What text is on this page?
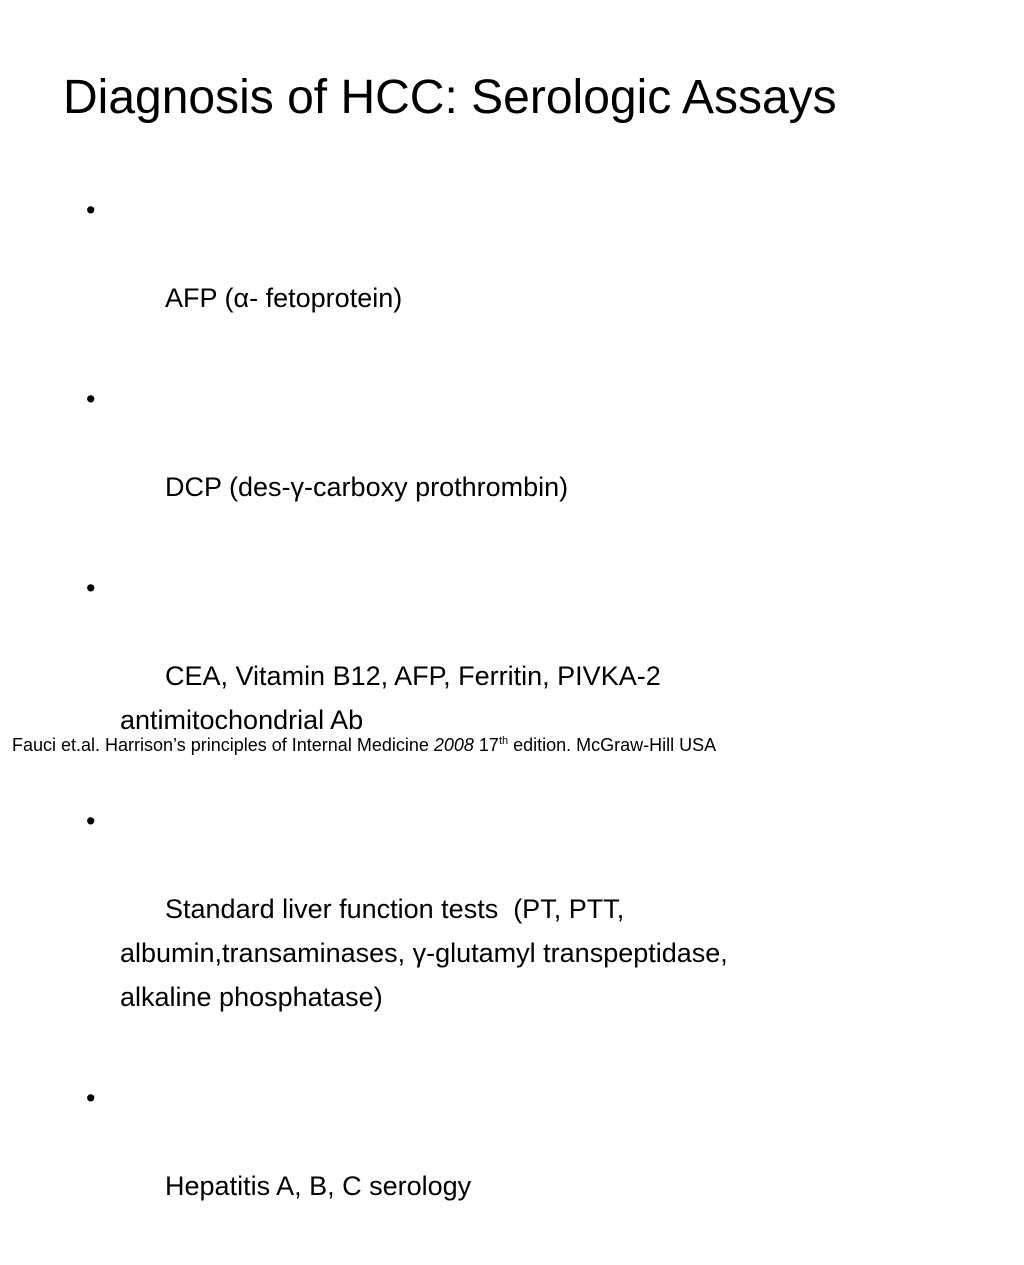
Diagnosis of HCC: Serologic Assays

•

AFP (α- fetoprotein)

•

DCP (des-γ-carboxy prothrombin)

•

CEA, Vitamin B12, AFP, Ferritin, PIVKA-2
antimitochondrial Ab

•

Standard liver function tests  (PT, PTT,
albumin,transaminases, γ-glutamyl transpeptidase,
alkaline phosphatase)

•

Hepatitis A, B, C serology

Fauci et.al. Harrison’s principles of Internal Medicine 2008 17th edition. McGraw-Hill USA
